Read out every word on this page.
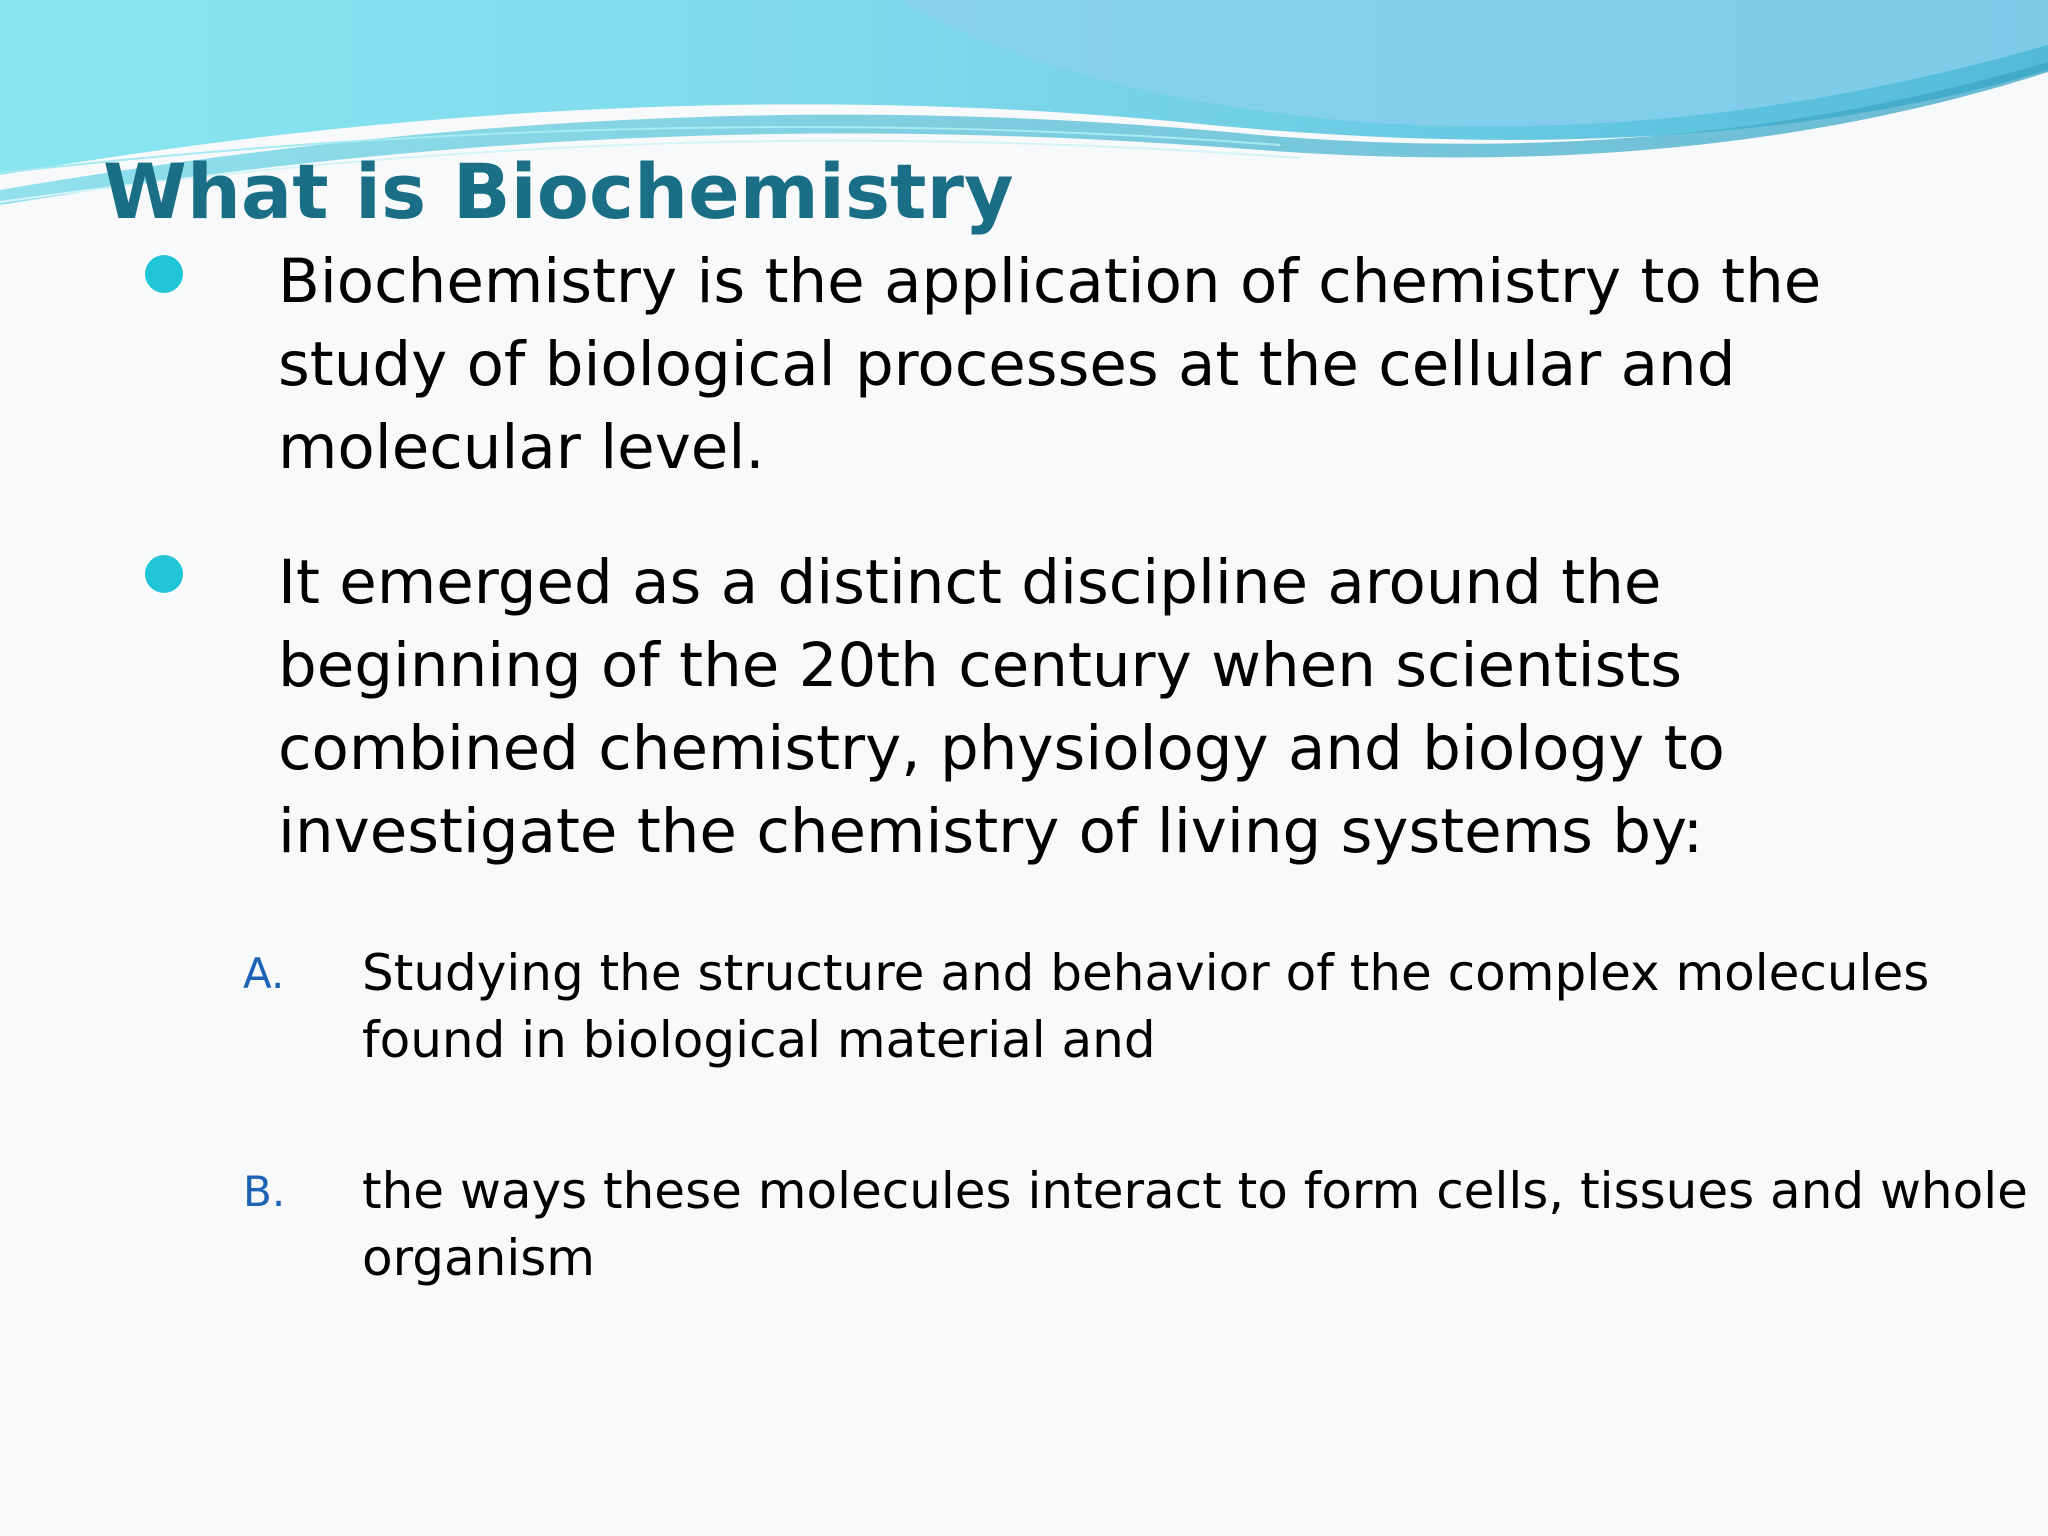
What is Biochemistry

Biochemistry is the application of chemistry to the study of biological processes at the cellular and molecular level.

It emerged as a distinct discipline around the beginning of the 20th century when scientists combined chemistry, physiology and biology to investigate the chemistry of living systems by:

A. Studying the structure and behavior of the complex molecules found in biological material and

B. the ways these molecules interact to form cells, tissues and whole organism
